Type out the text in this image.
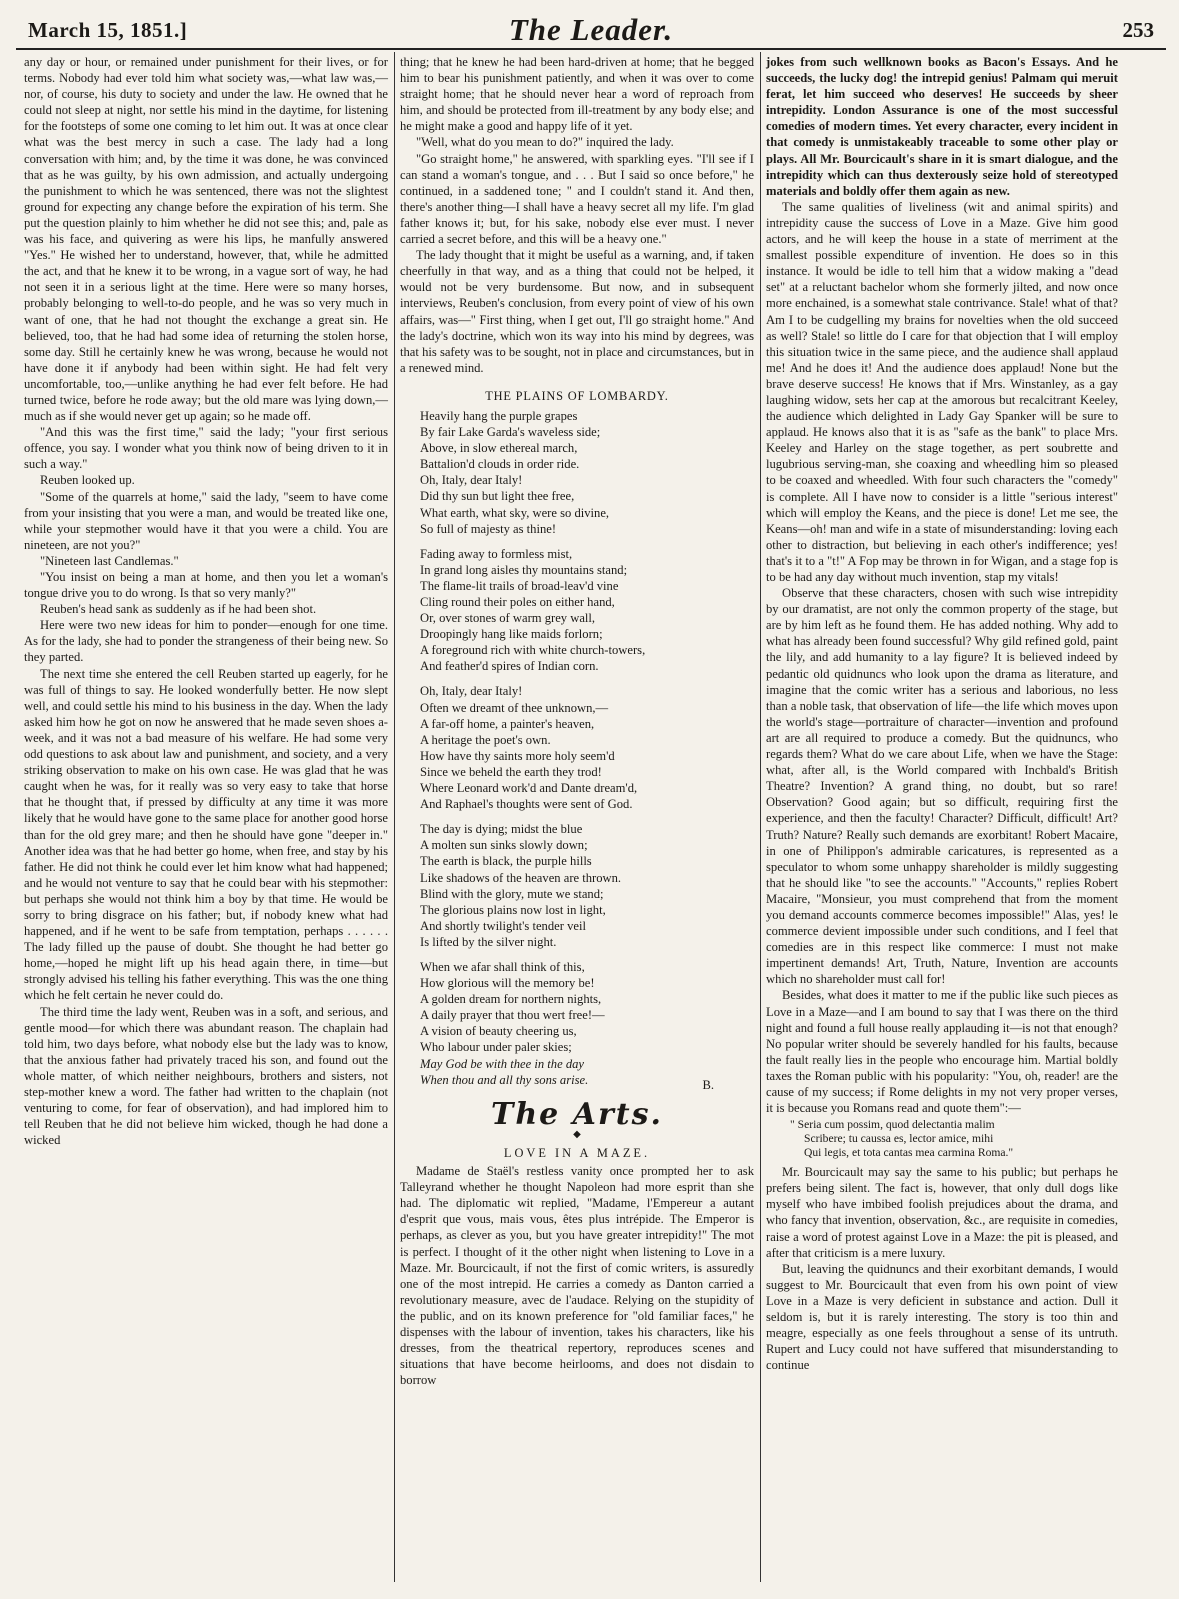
March 15, 1851.]	The Leader.	253

any day or hour, or remained under punishment for their lives, or for terms. Nobody had ever told him what society was,—what law was,—nor, of course, his duty to society and under the law. He owned that he could not sleep at night, nor settle his mind in the daytime, for listening for the footsteps of some one coming to let him out. It was at once clear what was the best mercy in such a case. The lady had a long conversation with him; and, by the time it was done, he was convinced that as he was guilty, by his own admission, and actually undergoing the punishment to which he was sentenced, there was not the slightest ground for expecting any change before the expiration of his term. She put the question plainly to him whether he did not see this; and, pale as was his face, and quivering as were his lips, he manfully answered "Yes." He wished her to understand, however, that, while he admitted the act, and that he knew it to be wrong, in a vague sort of way, he had not seen it in a serious light at the time. Here were so many horses, probably belonging to well-to-do people, and he was so very much in want of one, that he had not thought the exchange a great sin. He believed, too, that he had had some idea of returning the stolen horse, some day. Still he certainly knew he was wrong, because he would not have done it if anybody had been within sight. He had felt very uncomfortable, too,—unlike anything he had ever felt before. He had turned twice, before he rode away; but the old mare was lying down,—much as if she would never get up again; so he made off.

"And this was the first time," said the lady; "your first serious offence, you say. I wonder what you think now of being driven to it in such a way."

Reuben looked up.

"Some of the quarrels at home," said the lady, "seem to have come from your insisting that you were a man, and would be treated like one, while your stepmother would have it that you were a child. You are nineteen, are not you?"

"Nineteen last Candlemas."

"You insist on being a man at home, and then you let a woman's tongue drive you to do wrong. Is that so very manly?"

Reuben's head sank as suddenly as if he had been shot.

Here were two new ideas for him to ponder—enough for one time. As for the lady, she had to ponder the strangeness of their being new. So they parted.

The next time she entered the cell Reuben started up eagerly, for he was full of things to say. He looked wonderfully better. He now slept well, and could settle his mind to his business in the day. When the lady asked him how he got on now he answered that he made seven shoes a-week, and it was not a bad measure of his welfare. He had some very odd questions to ask about law and punishment, and society, and a very striking observation to make on his own case. He was glad that he was caught when he was, for it really was so very easy to take that horse that he thought that, if pressed by difficulty at any time it was more likely that he would have gone to the same place for another good horse than for the old grey mare; and then he should have gone "deeper in." Another idea was that he had better go home, when free, and stay by his father. He did not think he could ever let him know what had happened; and he would not venture to say that he could bear with his stepmother: but perhaps she would not think him a boy by that time. He would be sorry to bring disgrace on his father; but, if nobody knew what had happened, and if he went to be safe from temptation, perhaps . . . . . . The lady filled up the pause of doubt. She thought he had better go home,—hoped he might lift up his head again there, in time—but strongly advised his telling his father everything. This was the one thing which he felt certain he never could do.

The third time the lady went, Reuben was in a soft, and serious, and gentle mood—for which there was abundant reason. The chaplain had told him, two days before, what nobody else but the lady was to know, that the anxious father had privately traced his son, and found out the whole matter, of which neither neighbours, brothers and sisters, not step-mother knew a word. The father had written to the chaplain (not venturing to come, for fear of observation), and had implored him to tell Reuben that he did not believe him wicked, though he had done a wicked

thing; that he knew he had been hard-driven at home; that he begged him to bear his punishment patiently, and when it was over to come straight home; that he should never hear a word of reproach from him, and should be protected from ill-treatment by any body else; and he might make a good and happy life of it yet.

"Well, what do you mean to do?" inquired the lady.

"Go straight home," he answered, with sparkling eyes. "I'll see if I can stand a woman's tongue, and . . . But I said so once before," he continued, in a saddened tone; " and I couldn't stand it. And then, there's another thing—I shall have a heavy secret all my life. I'm glad father knows it; but, for his sake, nobody else ever must. I never carried a secret before, and this will be a heavy one."

The lady thought that it might be useful as a warning, and, if taken cheerfully in that way, and as a thing that could not be helped, it would not be very burdensome. But now, and in subsequent interviews, Reuben's conclusion, from every point of view of his own affairs, was—" First thing, when I get out, I'll go straight home." And the lady's doctrine, which won its way into his mind by degrees, was that his safety was to be sought, not in place and circumstances, but in a renewed mind.

THE PLAINS OF LOMBARDY.
Heavily hang the purple grapes
By fair Lake Garda's waveless side;
Above, in slow ethereal march,
Battalion'd clouds in order ride.
Oh, Italy, dear Italy!
Did thy sun but light thee free,
What earth, what sky, were so divine,
So full of majesty as thine!
Fading away to formless mist,
In grand long aisles thy mountains stand;
The flame-lit trails of broad-leav'd vine
Cling round their poles on either hand,
Or, over stones of warm grey wall,
Droopingly hang like maids forlorn;
A foreground rich with white church-towers,
And feather'd spires of Indian corn.
Oh, Italy, dear Italy!
Often we dreamt of thee unknown,—
A far-off home, a painter's heaven,
A heritage the poet's own.
How have thy saints more holy seem'd
Since we beheld the earth they trod!
Where Leonard work'd and Dante dream'd,
And Raphael's thoughts were sent of God.
The day is dying; midst the blue
A molten sun sinks slowly down;
The earth is black, the purple hills
Like shadows of the heaven are thrown.
Blind with the glory, mute we stand;
The glorious plains now lost in light,
And shortly twilight's tender veil
Is lifted by the silver night.
When we afar shall think of this,
How glorious will the memory be!
A golden dream for northern nights,
A daily prayer that thou wert free!—
A vision of beauty cheering us,
Who labour under paler skies;
May God be with thee in the day
When thou and all thy sons arise.	B.
The Arts.
◆
LOVE IN A MAZE.

Madame de Staël's restless vanity once prompted her to ask Talleyrand whether he thought Napoleon had more esprit than she had. The diplomatic wit replied, "Madame, l'Empereur a autant d'esprit que vous, mais vous, êtes plus intrépide. The Emperor is perhaps, as clever as you, but you have greater intrepidity!" The mot is perfect. I thought of it the other night when listening to Love in a Maze. Mr. Bourcicault, if not the first of comic writers, is assuredly one of the most intrepid. He carries a comedy as Danton carried a revolutionary measure, avec de l'audace. Relying on the stupidity of the public, and on its known preference for "old familiar faces," he dispenses with the labour of invention, takes his characters, like his dresses, from the theatrical repertory, reproduces scenes and situations that have become heirlooms, and does not disdain to borrow

jokes from such wellknown books as Bacon's Essays. And he succeeds, the lucky dog! the intrepid genius! Palmam qui meruit ferat, let him succeed who deserves! He succeeds by sheer intrepidity. London Assurance is one of the most successful comedies of modern times. Yet every character, every incident in that comedy is unmistakeably traceable to some other play or plays. All Mr. Bourcicault's share in it is smart dialogue, and the intrepidity which can thus dexterously seize hold of stereotyped materials and boldly offer them again as new.

The same qualities of liveliness (wit and animal spirits) and intrepidity cause the success of Love in a Maze. Give him good actors, and he will keep the house in a state of merriment at the smallest possible expenditure of invention. He does so in this instance. It would be idle to tell him that a widow making a "dead set" at a reluctant bachelor whom she formerly jilted, and now once more enchained, is a somewhat stale contrivance. Stale! what of that? Am I to be cudgelling my brains for novelties when the old succeed as well? Stale! so little do I care for that objection that I will employ this situation twice in the same piece, and the audience shall applaud me! And he does it! And the audience does applaud! None but the brave deserve success! He knows that if Mrs. Winstanley, as a gay laughing widow, sets her cap at the amorous but recalcitrant Keeley, the audience which delighted in Lady Gay Spanker will be sure to applaud. He knows also that it is as "safe as the bank" to place Mrs. Keeley and Harley on the stage together, as pert soubrette and lugubrious serving-man, she coaxing and wheedling him so pleased to be coaxed and wheedled. With four such characters the "comedy" is complete. All I have now to consider is a little "serious interest" which will employ the Keans, and the piece is done! Let me see, the Keans—oh! man and wife in a state of misunderstanding: loving each other to distraction, but believing in each other's indifference; yes! that's it to a "t!" A Fop may be thrown in for Wigan, and a stage fop is to be had any day without much invention, stap my vitals!

Observe that these characters, chosen with such wise intrepidity by our dramatist, are not only the common property of the stage, but are by him left as he found them. He has added nothing. Why add to what has already been found successful? Why gild refined gold, paint the lily, and add humanity to a lay figure? It is believed indeed by pedantic old quidnuncs who look upon the drama as literature, and imagine that the comic writer has a serious and laborious, no less than a noble task, that observation of life—the life which moves upon the world's stage—portraiture of character—invention and profound art are all required to produce a comedy. But the quidnuncs, who regards them? What do we care about Life, when we have the Stage: what, after all, is the World compared with Inchbald's British Theatre? Invention? A grand thing, no doubt, but so rare! Observation? Good again; but so difficult, requiring first the experience, and then the faculty! Character? Difficult, difficult! Art? Truth? Nature? Really such demands are exorbitant! Robert Macaire, in one of Philippon's admirable caricatures, is represented as a speculator to whom some unhappy shareholder is mildly suggesting that he should like "to see the accounts." "Accounts," replies Robert Macaire, "Monsieur, you must comprehend that from the moment you demand accounts commerce becomes impossible!" Alas, yes! le commerce devient impossible under such conditions, and I feel that comedies are in this respect like commerce: I must not make impertinent demands! Art, Truth, Nature, Invention are accounts which no shareholder must call for!

Besides, what does it matter to me if the public like such pieces as Love in a Maze—and I am bound to say that I was there on the third night and found a full house really applauding it—is not that enough? No popular writer should be severely handled for his faults, because the fault really lies in the people who encourage him. Martial boldly taxes the Roman public with his popularity: "You, oh, reader! are the cause of my success; if Rome delights in my not very proper verses, it is because you Romans read and quote them":—

" Seria cum possim, quod delectantia malim
Scribere; tu caussa es, lector amice, mihi
Qui legis, et tota cantas mea carmina Roma."

Mr. Bourcicault may say the same to his public; but perhaps he prefers being silent. The fact is, however, that only dull dogs like myself who have imbibed foolish prejudices about the drama, and who fancy that invention, observation, &c., are requisite in comedies, raise a word of protest against Love in a Maze: the pit is pleased, and after that criticism is a mere luxury.

But, leaving the quidnuncs and their exorbitant demands, I would suggest to Mr. Bourcicault that even from his own point of view Love in a Maze is very deficient in substance and action. Dull it seldom is, but it is rarely interesting. The story is too thin and meagre, especially as one feels throughout a sense of its untruth. Rupert and Lucy could not have suffered that misunderstanding to continue
